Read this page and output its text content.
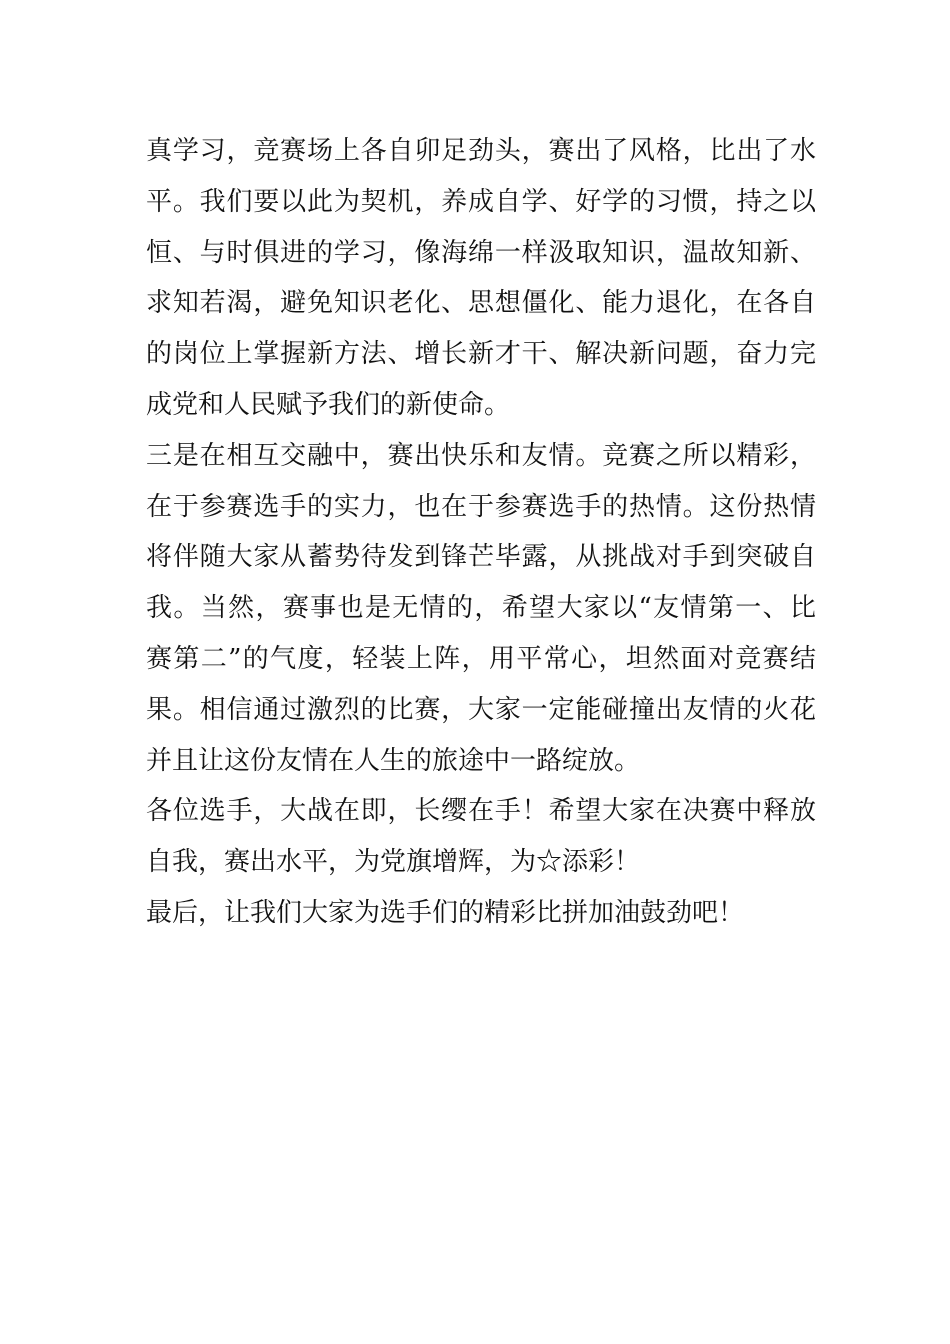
真学习，竞赛场上各自卯足劲头，赛出了风格，比出了水
平。我们要以此为契机，养成自学、好学的习惯，持之以
恒、与时俱进的学习，像海绵一样汲取知识，温故知新、
求知若渴，避免知识老化、思想僵化、能力退化，在各自
的岗位上掌握新方法、增长新才干、解决新问题，奋力完
成党和人民赋予我们的新使命。
三是在相互交融中，赛出快乐和友情。竞赛之所以精彩，
在于参赛选手的实力，也在于参赛选手的热情。这份热情
将伴随大家从蓄势待发到锋芒毕露，从挑战对手到突破自
我。当然，赛事也是无情的，希望大家以“友情第一、比
赛第二”的气度，轻装上阵，用平常心，坦然面对竞赛结
果。相信通过激烈的比赛，大家一定能碰撞出友情的火花
并且让这份友情在人生的旅途中一路绽放。
各位选手，大战在即，长缨在手！希望大家在决赛中释放
自我，赛出水平，为党旗增辉，为☆添彩！
最后，让我们大家为选手们的精彩比拼加油鼓劲吧！
